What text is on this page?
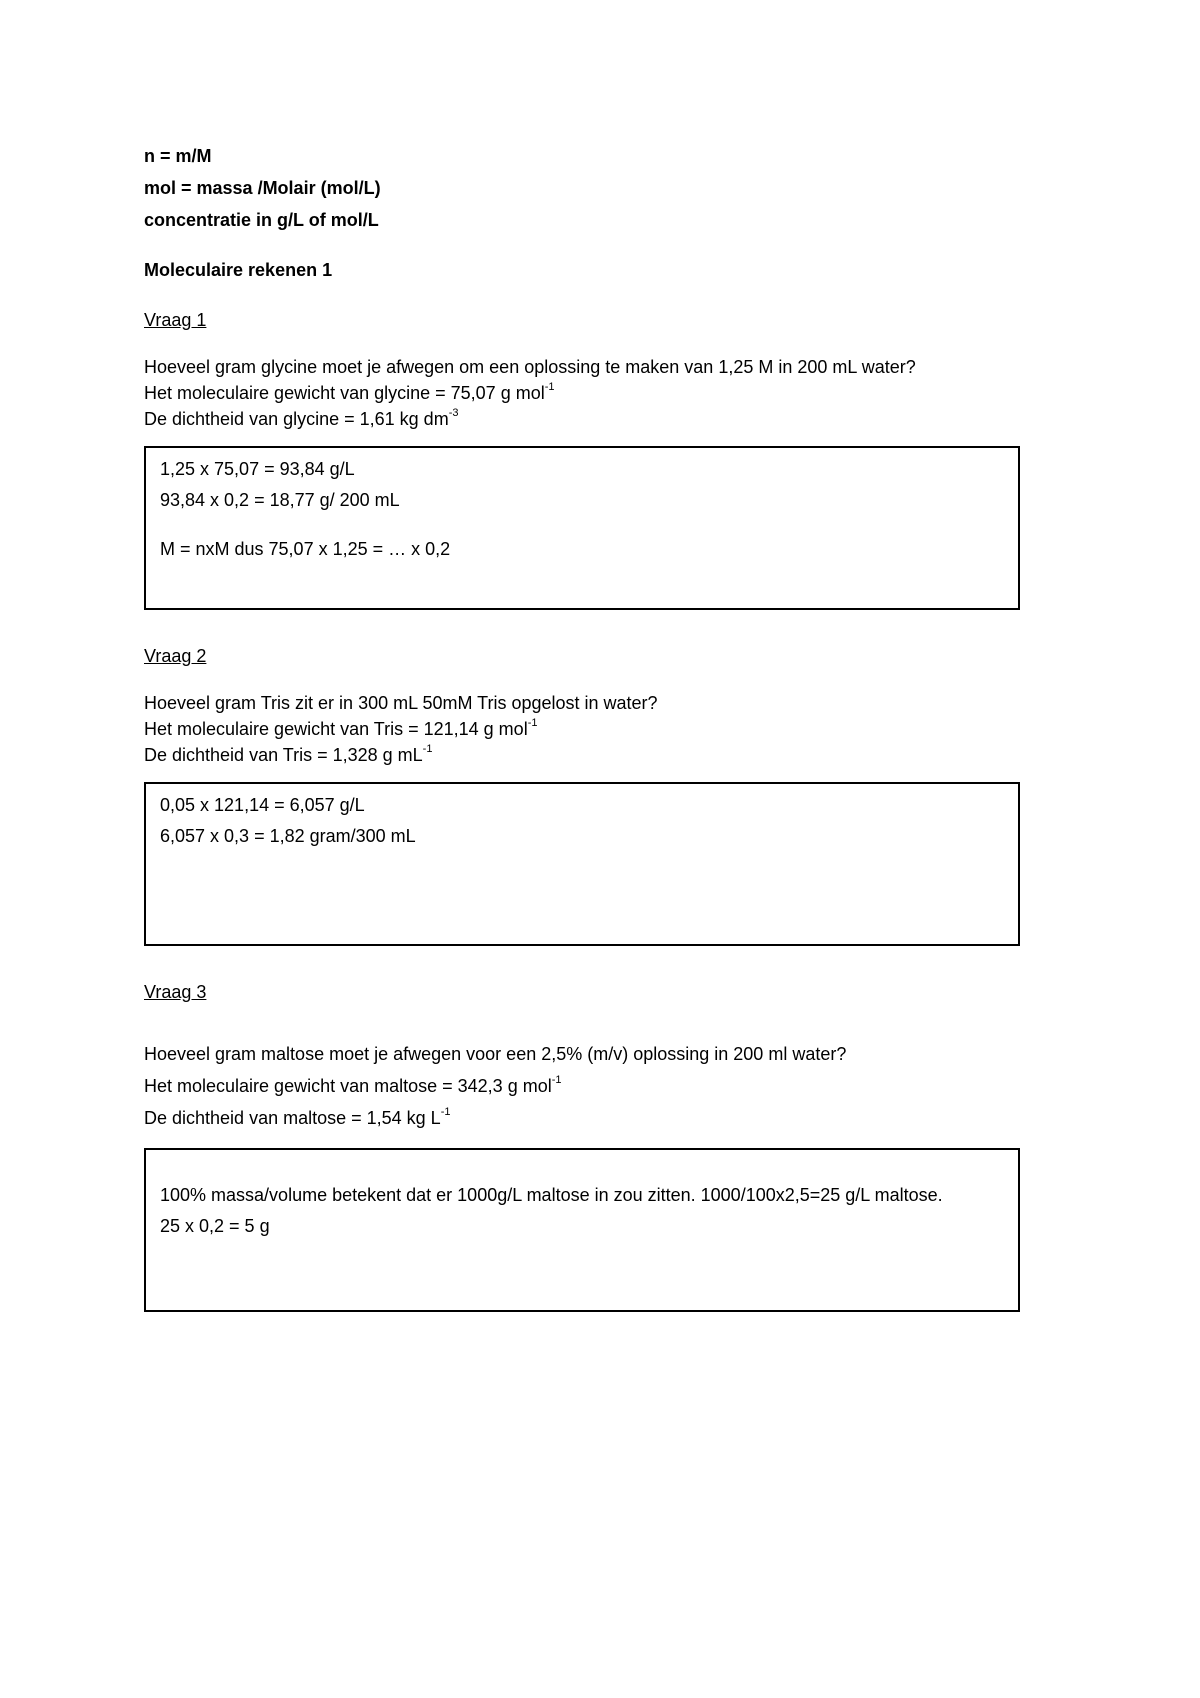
n = m/M
mol = massa /Molair (mol/L)
concentratie in g/L of mol/L
Moleculaire rekenen 1
Vraag 1
Hoeveel gram glycine moet je afwegen om een oplossing te maken van 1,25 M in 200 mL water?
Het moleculaire gewicht van glycine = 75,07 g mol$^{-1}$
De dichtheid van glycine = 1,61 kg $dm^{-3}$
1,25 x 75,07 = 93,84 g/L
93,84 x 0,2 = 18,77 g/ 200 mL
M = nxM dus 75,07 x 1,25 = … x 0,2
Vraag 2
Hoeveel gram Tris zit er in 300 mL 50mM Tris opgelost in water?
Het moleculaire gewicht van Tris = 121,14 g mol$^{-1}$
De dichtheid van Tris = 1,328 g $mL^{-1}$
0,05 x 121,14 = 6,057 g/L
6,057 x 0,3 = 1,82 gram/300 mL
Vraag 3
Hoeveel gram maltose moet je afwegen voor een 2,5% (m/v) oplossing in 200 ml water?
Het moleculaire gewicht van maltose = 342,3 g mol$^{-1}$
De dichtheid van maltose = 1,54 kg $L^{-1}$
100% massa/volume betekent dat er 1000g/L maltose in zou zitten. 1000/100x2,5=25 g/L maltose.
25 x 0,2 = 5 g
